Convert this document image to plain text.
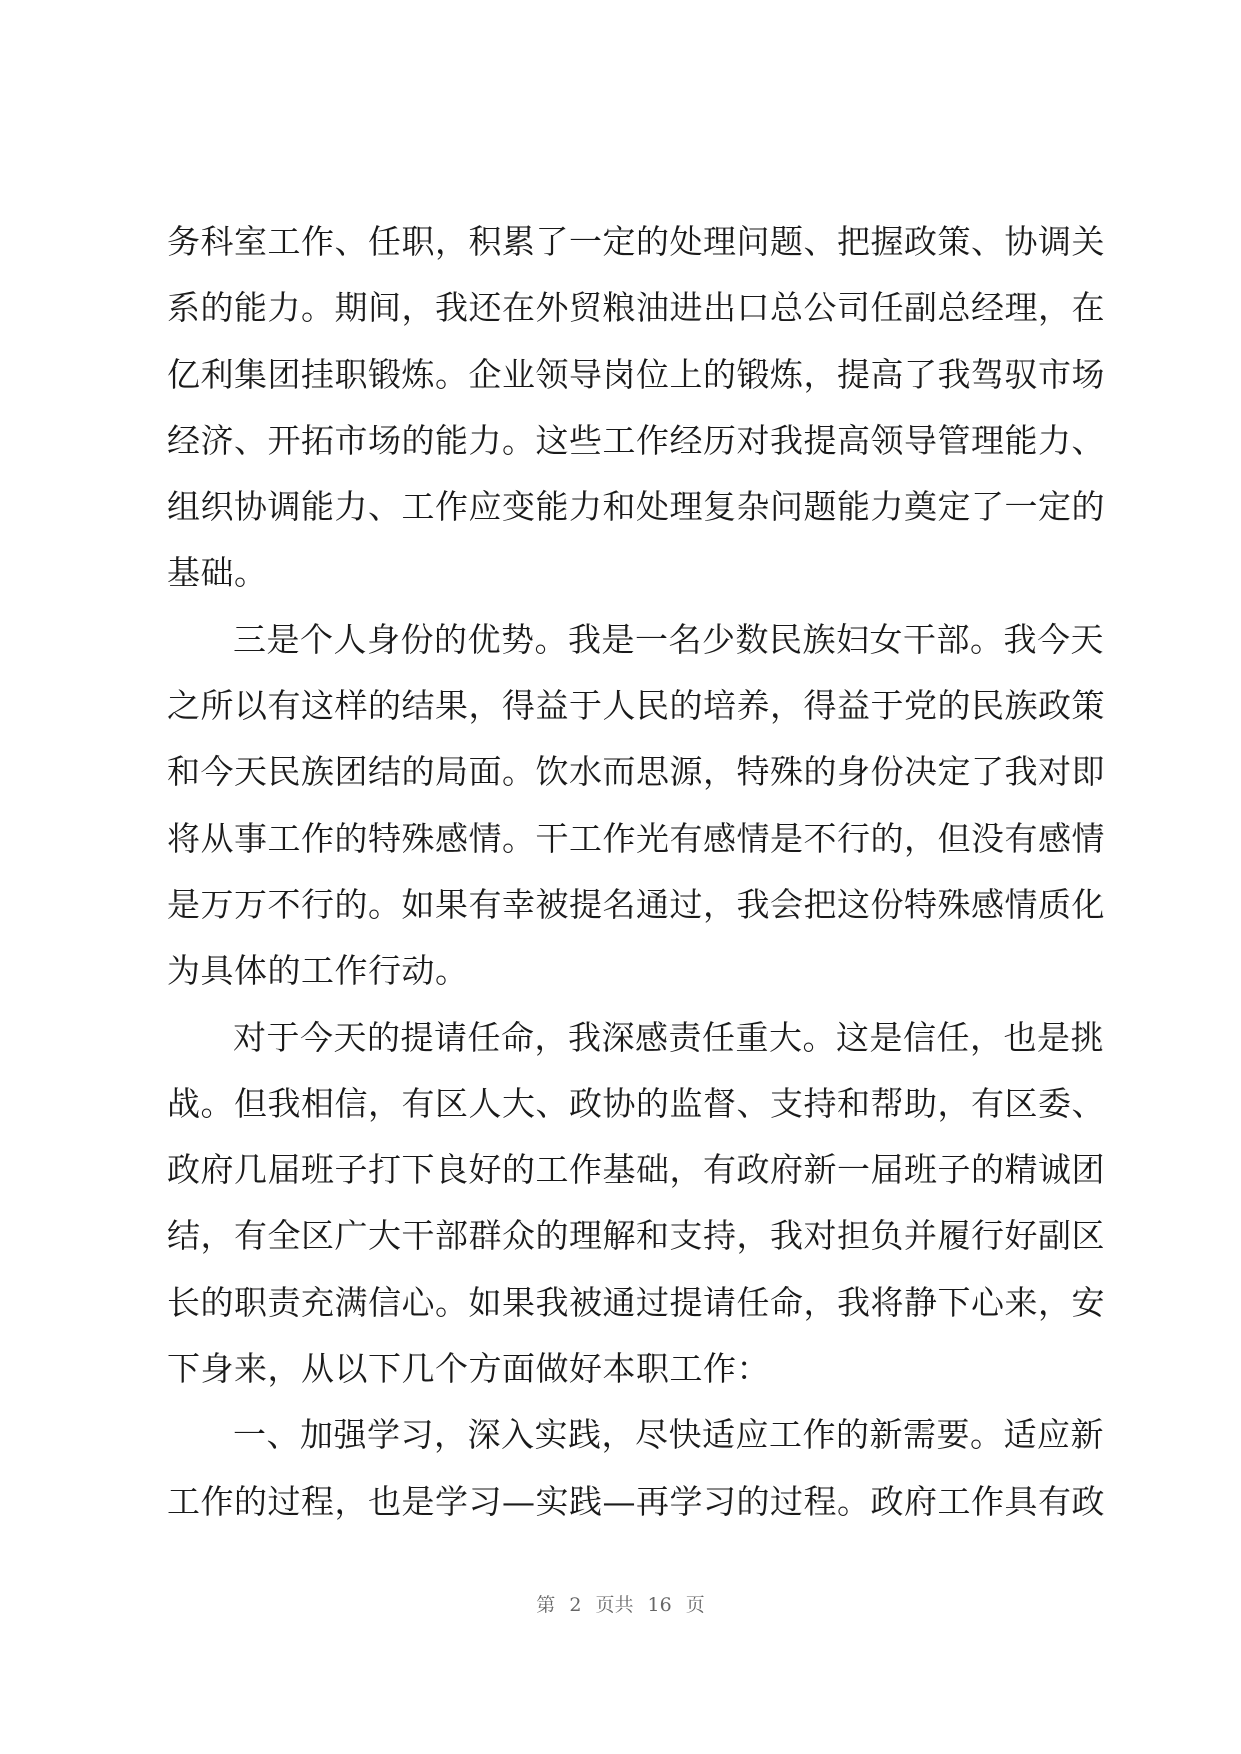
务科室工作、任职，积累了一定的处理问题、把握政策、协调关
系的能力。期间，我还在外贸粮油进出口总公司任副总经理，在
亿利集团挂职锻炼。企业领导岗位上的锻炼，提高了我驾驭市场
经济、开拓市场的能力。这些工作经历对我提高领导管理能力、
组织协调能力、工作应变能力和处理复杂问题能力奠定了一定的
基础。
三是个人身份的优势。我是一名少数民族妇女干部。我今天
之所以有这样的结果，得益于人民的培养，得益于党的民族政策
和今天民族团结的局面。饮水而思源，特殊的身份决定了我对即
将从事工作的特殊感情。干工作光有感情是不行的，但没有感情
是万万不行的。如果有幸被提名通过，我会把这份特殊感情质化
为具体的工作行动。
对于今天的提请任命，我深感责任重大。这是信任，也是挑
战。但我相信，有区人大、政协的监督、支持和帮助，有区委、
政府几届班子打下良好的工作基础，有政府新一届班子的精诚团
结，有全区广大干部群众的理解和支持，我对担负并履行好副区
长的职责充满信心。如果我被通过提请任命，我将静下心来，安
下身来，从以下几个方面做好本职工作：
一、加强学习，深入实践，尽快适应工作的新需要。适应新
工作的过程，也是学习—实践—再学习的过程。政府工作具有政
第 2 页共 16 页
